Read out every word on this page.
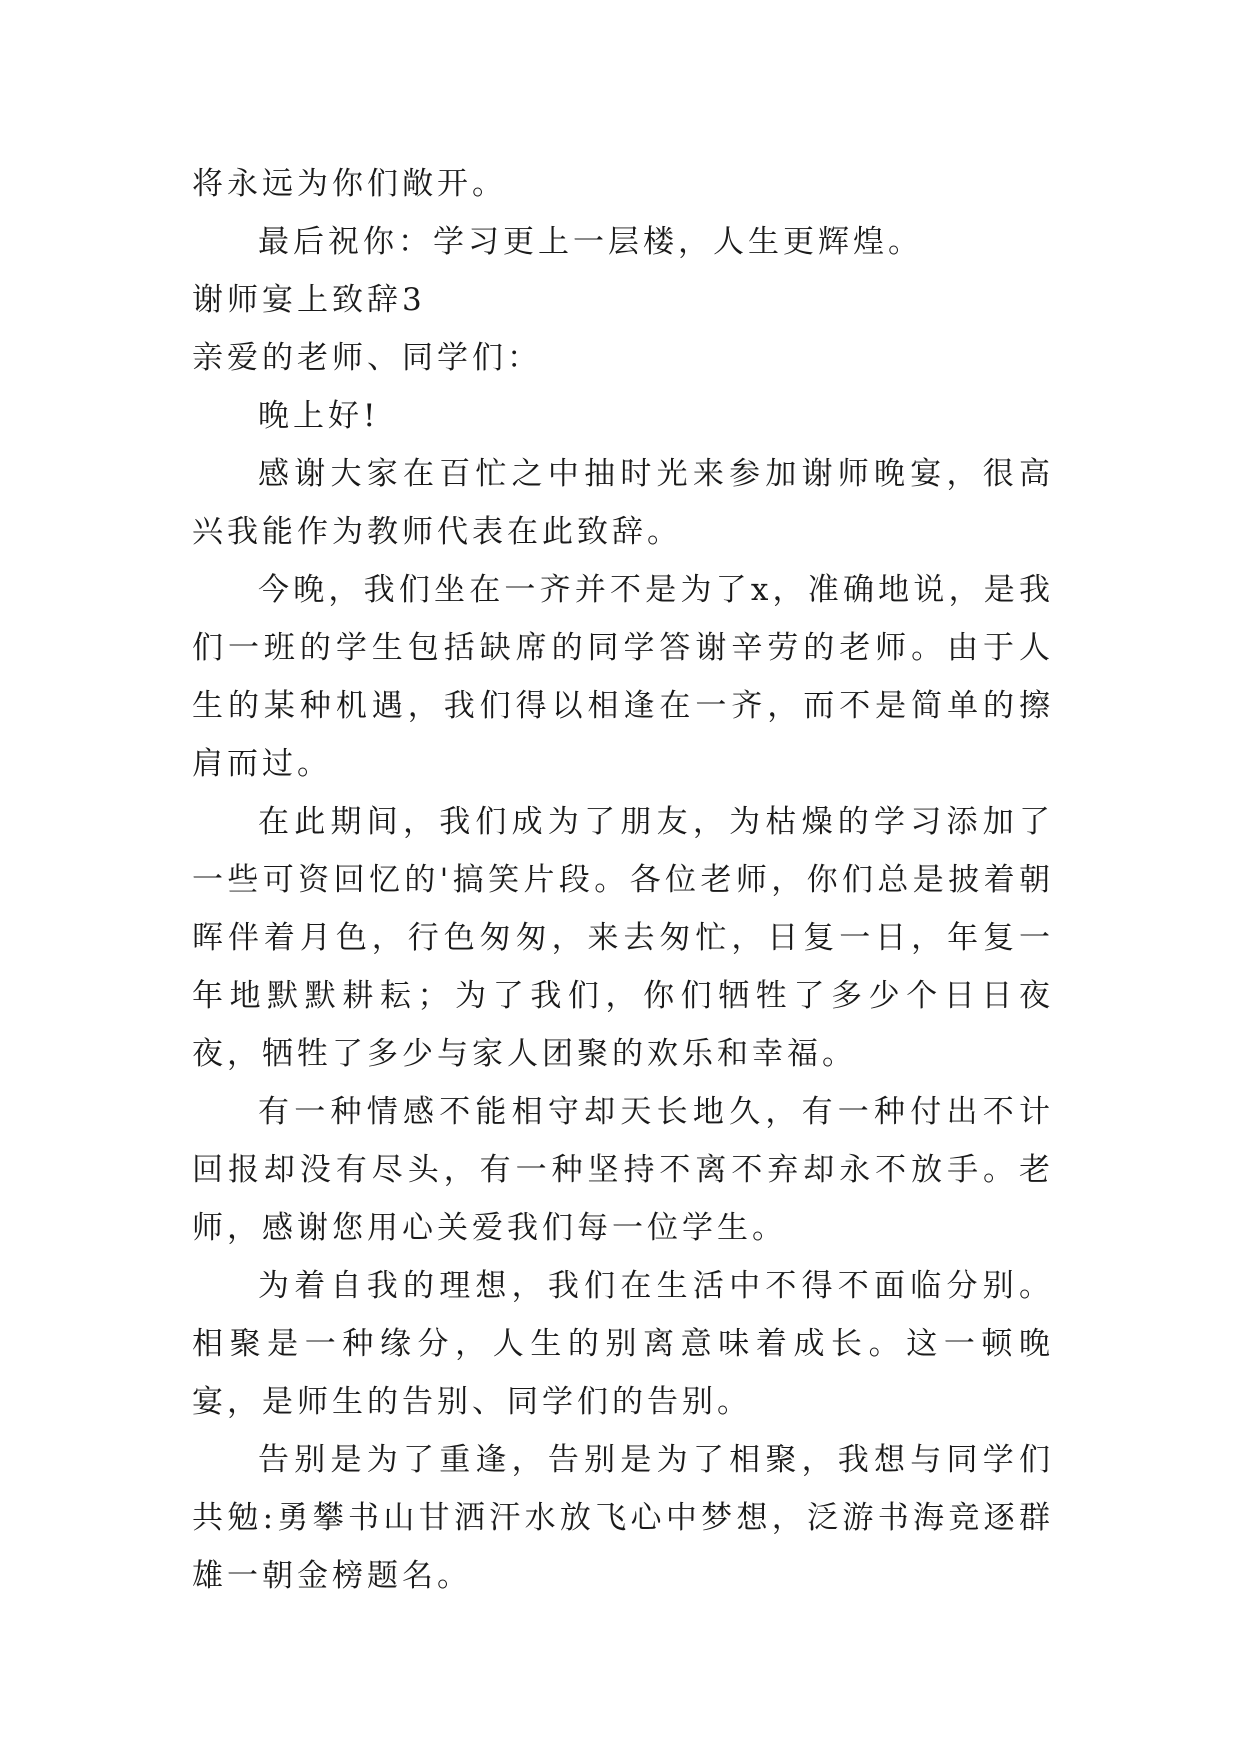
将永远为你们敞开。

最后祝你：学习更上一层楼，人生更辉煌。

谢师宴上致辞3

亲爱的老师、同学们：

晚上好!

感谢大家在百忙之中抽时光来参加谢师晚宴，很高兴我能作为教师代表在此致辞。

今晚，我们坐在一齐并不是为了x，准确地说，是我们一班的学生包括缺席的同学答谢辛劳的老师。由于人生的某种机遇，我们得以相逢在一齐，而不是简单的擦肩而过。

在此期间，我们成为了朋友，为枯燥的学习添加了一些可资回忆的'搞笑片段。各位老师，你们总是披着朝晖伴着月色，行色匆匆，来去匆忙，日复一日，年复一年地默默耕耘；为了我们，你们牺牲了多少个日日夜夜，牺牲了多少与家人团聚的欢乐和幸福。

有一种情感不能相守却天长地久，有一种付出不计回报却没有尽头，有一种坚持不离不弃却永不放手。老师，感谢您用心关爱我们每一位学生。

为着自我的理想，我们在生活中不得不面临分别。相聚是一种缘分，人生的别离意味着成长。这一顿晚宴，是师生的告别、同学们的告别。

告别是为了重逢，告别是为了相聚，我想与同学们共勉:勇攀书山甘洒汗水放飞心中梦想，泛游书海竞逐群雄一朝金榜题名。
